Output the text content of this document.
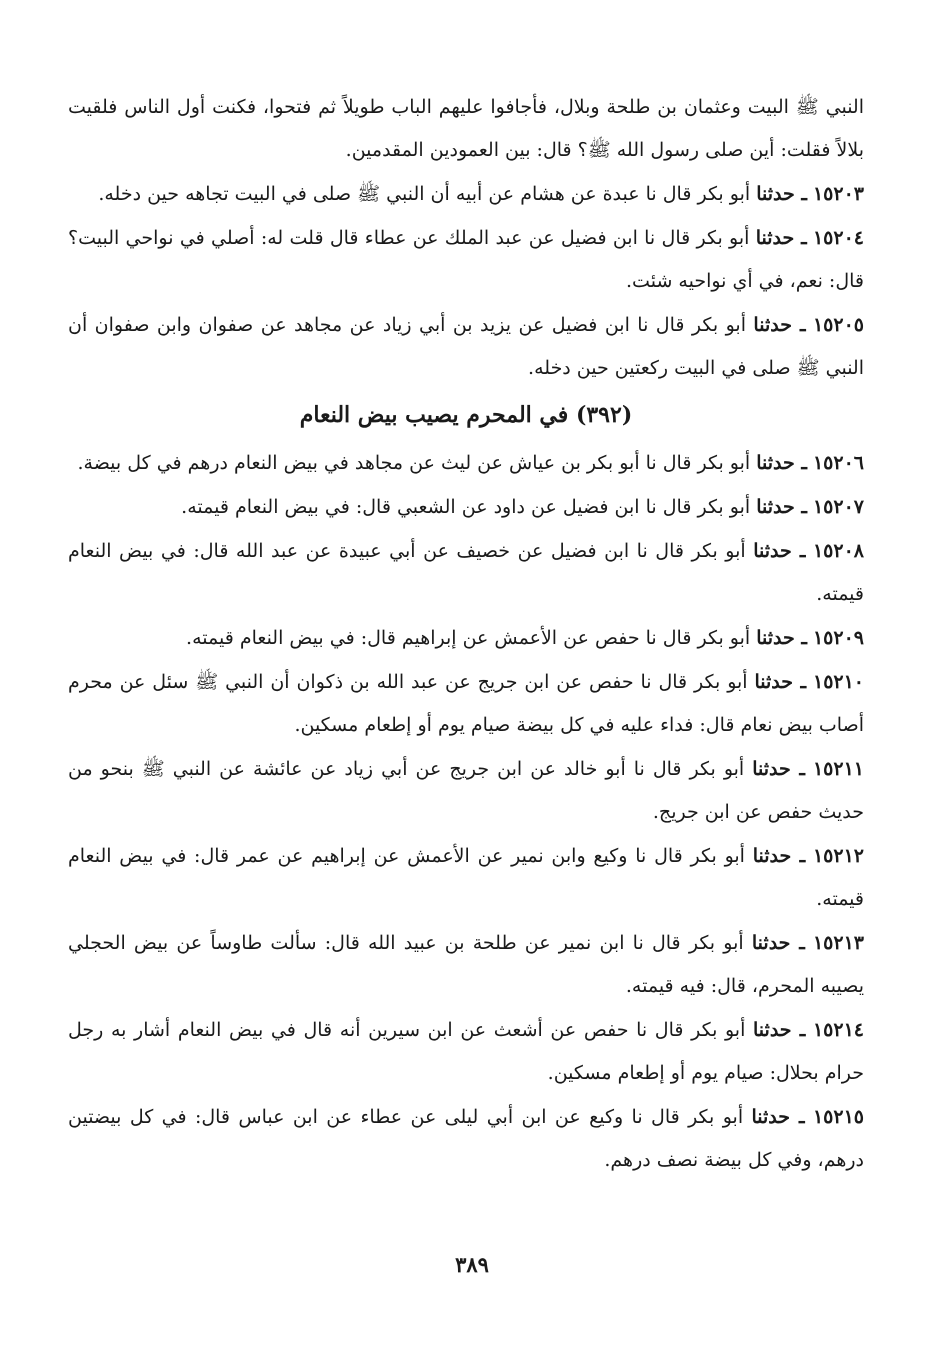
النبي ﷺ البيت وعثمان بن طلحة وبلال، فأجافوا عليهم الباب طويلاً ثم فتحوا، فكنت أول الناس فلقيت بلالاً فقلت: أين صلى رسول الله ﷺ؟ قال: بين العمودين المقدمين.

١٥٢٠٣ ـ حدثنا أبو بكر قال نا عبدة عن هشام عن أبيه أن النبي ﷺ صلى في البيت تجاهه حين دخله.

١٥٢٠٤ ـ حدثنا أبو بكر قال نا ابن فضيل عن عبد الملك عن عطاء قال قلت له: أصلي في نواحي البيت؟ قال: نعم، في أي نواحيه شئت.

١٥٢٠٥ ـ حدثنا أبو بكر قال نا ابن فضيل عن يزيد بن أبي زياد عن مجاهد عن صفوان وابن صفوان أن النبي ﷺ صلى في البيت ركعتين حين دخله.

(٣٩٢) في المحرم يصيب بيض النعام

١٥٢٠٦ ـ حدثنا أبو بكر قال نا أبو بكر بن عياش عن ليث عن مجاهد في بيض النعام درهم في كل بيضة.

١٥٢٠٧ ـ حدثنا أبو بكر قال نا ابن فضيل عن داود عن الشعبي قال: في بيض النعام قيمته.

١٥٢٠٨ ـ حدثنا أبو بكر قال نا ابن فضيل عن خصيف عن أبي عبيدة عن عبد الله قال: في بيض النعام قيمته.

١٥٢٠٩ ـ حدثنا أبو بكر قال نا حفص عن الأعمش عن إبراهيم قال: في بيض النعام قيمته.

١٥٢١٠ ـ حدثنا أبو بكر قال نا حفص عن ابن جريج عن عبد الله بن ذكوان أن النبي ﷺ سئل عن محرم أصاب بيض نعام قال: فداء عليه في كل بيضة صيام يوم أو إطعام مسكين.

١٥٢١١ ـ حدثنا أبو بكر قال نا أبو خالد عن ابن جريج عن أبي زياد عن عائشة عن النبي ﷺ بنحو من حديث حفص عن ابن جريج.

١٥٢١٢ ـ حدثنا أبو بكر قال نا وكيع وابن نمير عن الأعمش عن إبراهيم عن عمر قال: في بيض النعام قيمته.

١٥٢١٣ ـ حدثنا أبو بكر قال نا ابن نمير عن طلحة بن عبيد الله قال: سألت طاوساً عن بيض الحجلي يصيبه المحرم، قال: فيه قيمته.

١٥٢١٤ ـ حدثنا أبو بكر قال نا حفص عن أشعث عن ابن سيرين أنه قال في بيض النعام أشار به رجل حرام بحلال: صيام يوم أو إطعام مسكين.

١٥٢١٥ ـ حدثنا أبو بكر قال نا وكيع عن ابن أبي ليلى عن عطاء عن ابن عباس قال: في كل بيضتين درهم، وفي كل بيضة نصف درهم.

٣٨٩
